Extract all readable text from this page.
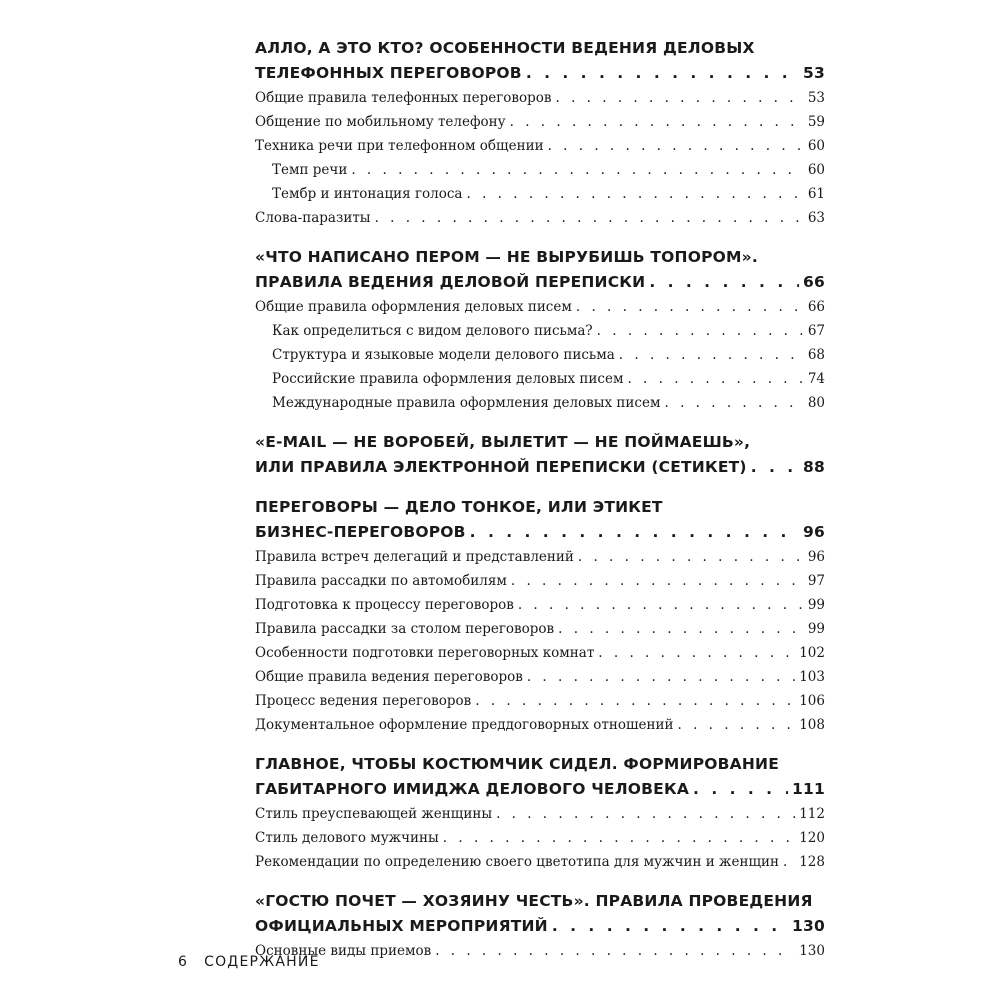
АЛЛО, А ЭТО КТО? ОСОБЕННОСТИ ВЕДЕНИЯ ДЕЛОВЫХ
ТЕЛЕФОННЫХ ПЕРЕГОВОРОВ . . .	53
Общие правила телефонных переговоров . . .	53
Общение по мобильному телефону . . .	59
Техника речи при телефонном общении . . .	60
Темп речи . . .	60
Тембр и интонация голоса . . .	61
Слова-паразиты . . .	63
«ЧТО НАПИСАНО ПЕРОМ — НЕ ВЫРУБИШЬ ТОПОРОМ».
ПРАВИЛА ВЕДЕНИЯ ДЕЛОВОЙ ПЕРЕПИСКИ . . .	66
Общие правила оформления деловых писем . . .	66
Как определиться с видом делового письма? . . .	67
Структура и языковые модели делового письма . . .	68
Российские правила оформления деловых писем . . .	74
Международные правила оформления деловых писем . . .	80
«E-MAIL — НЕ ВОРОБЕЙ, ВЫЛЕТИТ — НЕ ПОЙМАЕШЬ»,
ИЛИ ПРАВИЛА ЭЛЕКТРОННОЙ ПЕРЕПИСКИ (СЕТИКЕТ) . . .	88
ПЕРЕГОВОРЫ — ДЕЛО ТОНКОЕ, ИЛИ ЭТИКЕТ
БИЗНЕС-ПЕРЕГОВОРОВ . . .	96
Правила встреч делегаций и представлений . . .	96
Правила рассадки по автомобилям . . .	97
Подготовка к процессу переговоров . . .	99
Правила рассадки за столом переговоров . . .	99
Особенности подготовки переговорных комнат . . .	102
Общие правила ведения переговоров . . .	103
Процесс ведения переговоров . . .	106
Документальное оформление преддоговорных отношений . . .	108
ГЛАВНОЕ, ЧТОБЫ КОСТЮМЧИК СИДЕЛ. ФОРМИРОВАНИЕ
ГАБИТАРНОГО ИМИДЖА ДЕЛОВОГО ЧЕЛОВЕКА . . .	111
Стиль преуспевающей женщины . . .	112
Стиль делового мужчины . . .	120
Рекомендации по определению своего цветотипа для мужчин и женщин . . . 128
«ГОСТЮ ПОЧЕТ — ХОЗЯИНУ ЧЕСТЬ». ПРАВИЛА ПРОВЕДЕНИЯ
ОФИЦИАЛЬНЫХ МЕРОПРИЯТИЙ . . .	130
Основные виды приемов . . .	130
6 СОДЕРЖАНИЕ
